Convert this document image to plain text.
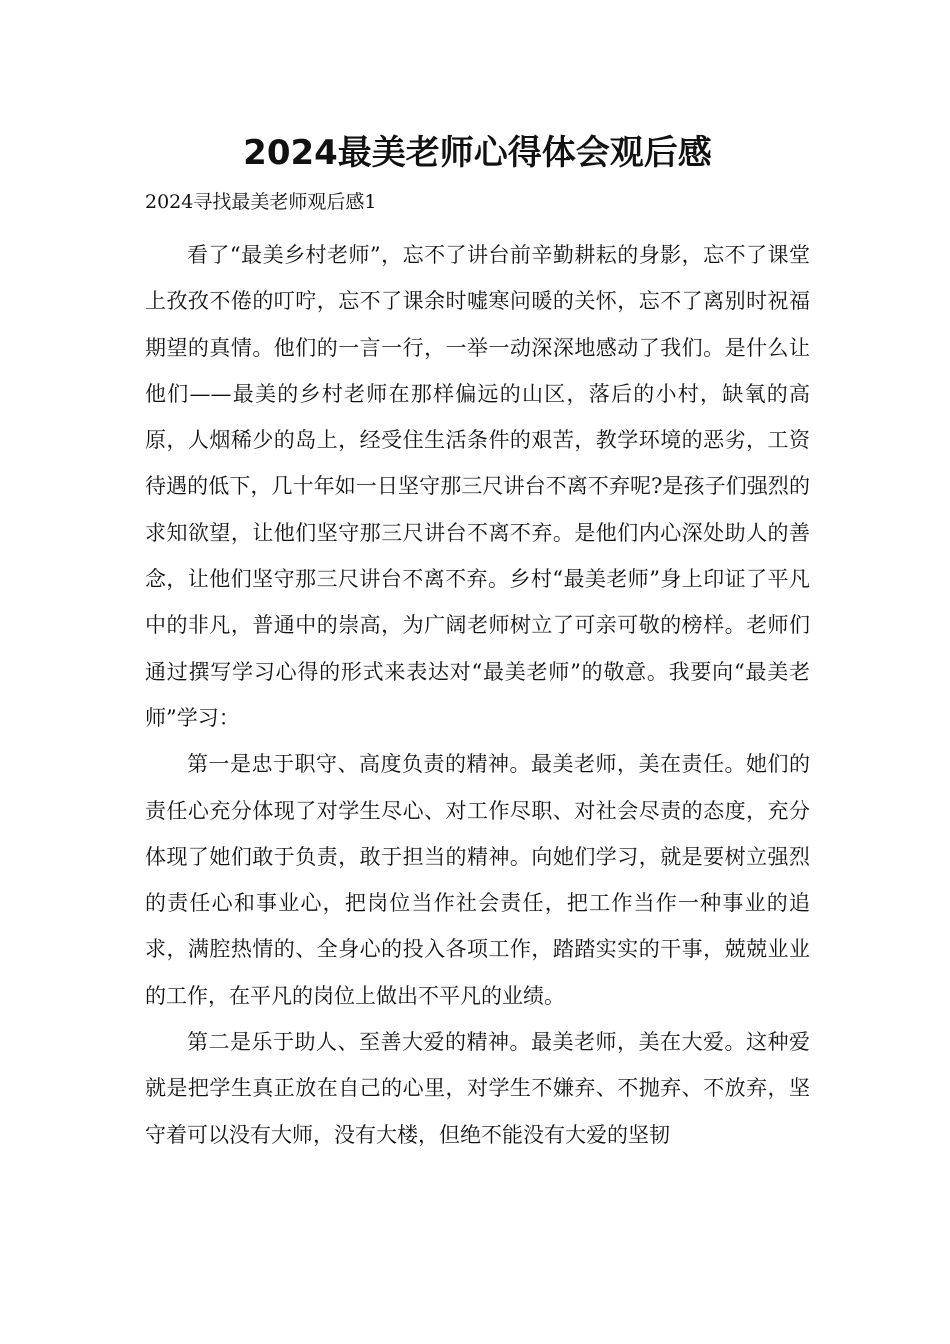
2024最美老师心得体会观后感
2024寻找最美老师观后感1

看了“最美乡村老师”，忘不了讲台前辛勤耕耘的身影，忘不了课堂上孜孜不倦的叮咛，忘不了课余时嘘寒问暖的关怀，忘不了离别时祝福期望的真情。他们的一言一行，一举一动深深地感动了我们。是什么让他们——最美的乡村老师在那样偏远的山区，落后的小村，缺氧的高原，人烟稀少的岛上，经受住生活条件的艰苦，教学环境的恶劣，工资待遇的低下，几十年如一日坚守那三尺讲台不离不弃呢?是孩子们强烈的求知欲望，让他们坚守那三尺讲台不离不弃。是他们内心深处助人的善念，让他们坚守那三尺讲台不离不弃。乡村“最美老师”身上印证了平凡中的非凡，普通中的崇高，为广阔老师树立了可亲可敬的榜样。老师们通过撰写学习心得的形式来表达对“最美老师”的敬意。我要向“最美老师”学习：

第一是忠于职守、高度负责的精神。最美老师，美在责任。她们的责任心充分体现了对学生尽心、对工作尽职、对社会尽责的态度，充分体现了她们敢于负责，敢于担当的精神。向她们学习，就是要树立强烈的责任心和事业心，把岗位当作社会责任，把工作当作一种事业的追求，满腔热情的、全身心的投入各项工作，踏踏实实的干事，兢兢业业的工作，在平凡的岗位上做出不平凡的业绩。

第二是乐于助人、至善大爱的精神。最美老师，美在大爱。这种爱就是把学生真正放在自己的心里，对学生不嫌弃、不抛弃、不放弃，坚守着可以没有大师，没有大楼，但绝不能没有大爱的坚韧
